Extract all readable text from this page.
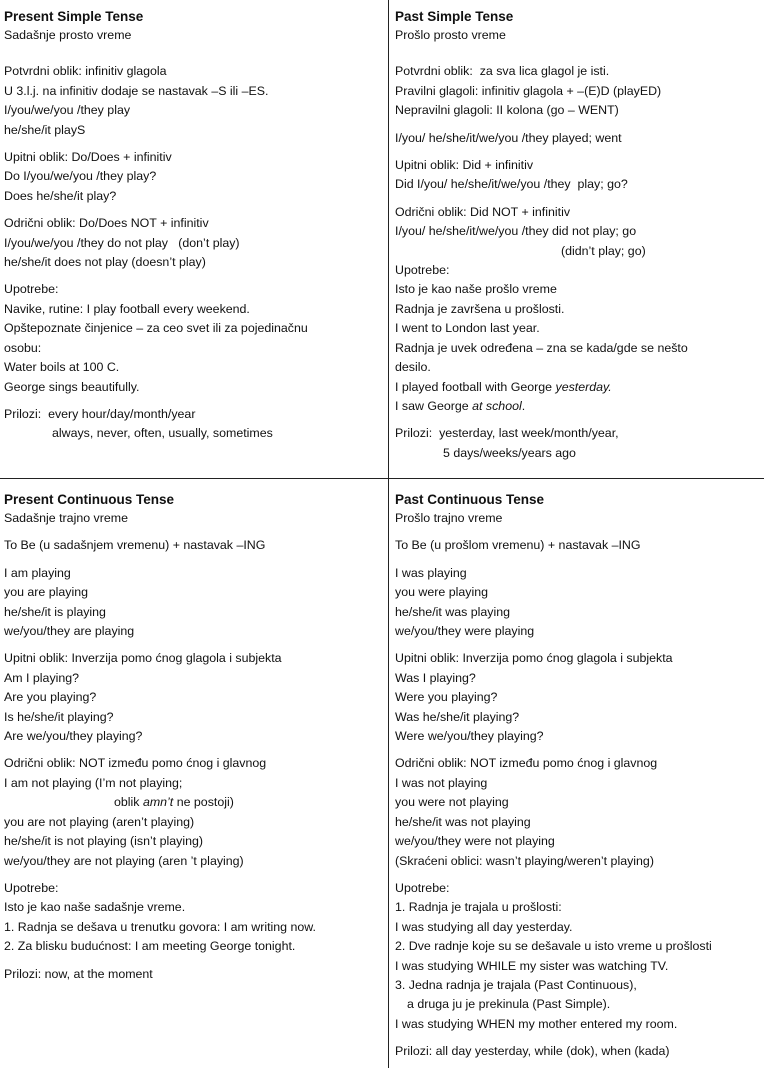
Present Simple Tense
Sadašnje prosto vreme
Potvrdni oblik: infinitiv glagola
U 3.l.j. na infinitiv dodaje se nastavak –S ili –ES.
I/you/we/you /they play
he/she/it playS
Upitni oblik: Do/Does + infinitiv
Do I/you/we/you /they play?
Does he/she/it play?
Odrični oblik: Do/Does NOT + infinitiv
I/you/we/you /they do not play   (don’t play)
he/she/it does not play (doesn’t play)
Upotrebe:
Navike, rutine: I play football every weekend.
Opštepoznate činjenice – za ceo svet ili za pojedinačnu
osobu:
Water boils at 100 C.
George sings beautifully.
Prilozi:  every hour/day/month/year
always, never, often, usually, sometimes
Past Simple Tense
Prošlo prosto vreme
Potvrdni oblik:  za sva lica glagol je isti.
Pravilni glagoli: infinitiv glagola + –(E)D (playED)
Nepravilni glagoli: II kolona (go – WENT)
I/you/ he/she/it/we/you /they played; went
Upitni oblik: Did + infinitiv
Did I/you/ he/she/it/we/you /they  play; go?
Odrični oblik: Did NOT + infinitiv
I/you/ he/she/it/we/you /they did not play; go
(didn’t play; go)
Upotrebe:
Isto je kao naše prošlo vreme
Radnja je završena u prošlosti.
I went to London last year.
Radnja je uvek određena – zna se kada/gde se nešto
desilo.
I played football with George yesterday.
I saw George at school.
Prilozi:  yesterday, last week/month/year,
5 days/weeks/years ago
Present Continuous Tense
Sadašnje trajno vreme
To Be (u sadašnjem vremenu) + nastavak –ING
I am playing
you are playing
he/she/it is playing
we/you/they are playing
Upitni oblik: Inverzija pomo ćnog glagola i subjekta
Am I playing?
Are you playing?
Is he/she/it playing?
Are we/you/they playing?
Odrični oblik: NOT između pomo ćnog i glavnog
I am not playing (I’m not playing;
oblik amn’t ne postoji)
you are not playing (aren’t playing)
he/she/it is not playing (isn’t playing)
we/you/they are not playing (aren ’t playing)
Upotrebe:
Isto je kao naše sadašnje vreme.
1. Radnja se dešava u trenutku govora: I am writing now.
2. Za blisku budućnost: I am meeting George tonight.
Prilozi: now, at the moment
Past Continuous Tense
Prošlo trajno vreme
To Be (u prošlom vremenu) + nastavak –ING
I was playing
you were playing
he/she/it was playing
we/you/they were playing
Upitni oblik: Inverzija pomo ćnog glagola i subjekta
Was I playing?
Were you playing?
Was he/she/it playing?
Were we/you/they playing?
Odrični oblik: NOT između pomo ćnog i glavnog
I was not playing
you were not playing
he/she/it was not playing
we/you/they were not playing
(Skraćeni oblici: wasn’t playing/weren’t playing)
Upotrebe:
1. Radnja je trajala u prošlosti:
I was studying all day yesterday.
2. Dve radnje koje su se dešavale u isto vreme u prošlosti
I was studying WHILE my sister was watching TV.
3. Jedna radnja je trajala (Past Continuous),
a druga ju je prekinula (Past Simple).
I was studying WHEN my mother entered my room.
Prilozi: all day yesterday, while (dok), when (kada)
